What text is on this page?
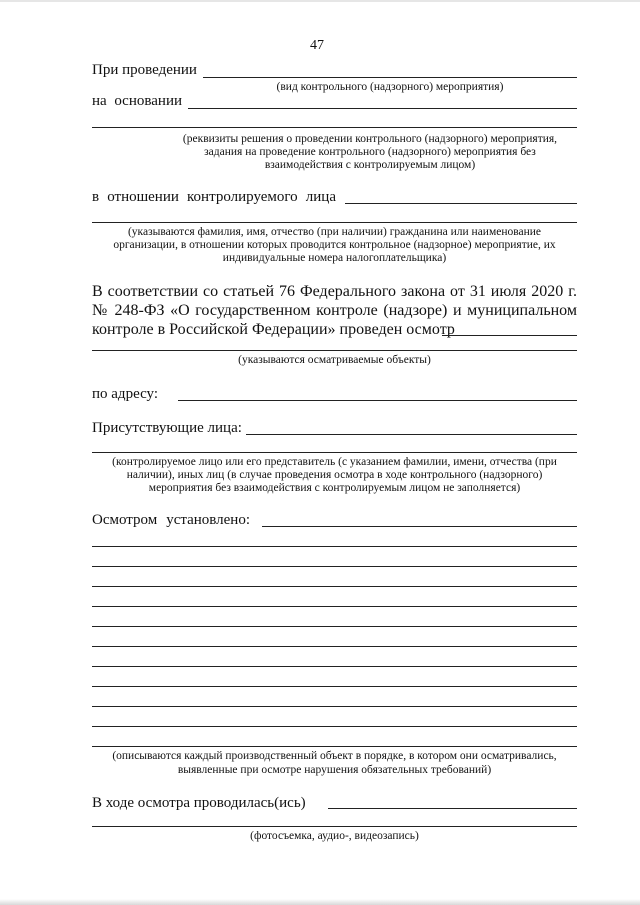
47
При проведении
(вид контрольного (надзорного) мероприятия)
на основании
(реквизиты решения о проведении контрольного (надзорного) мероприятия,
задания на проведение контрольного (надзорного) мероприятия без
взаимодействия с контролируемым лицом)
в отношении контролируемого лица
(указываются фамилия, имя, отчество (при наличии) гражданина или наименование
организации, в отношении которых проводится контрольное (надзорное) мероприятие, их
индивидуальные номера налогоплательщика)
В соответствии со статьей 76 Федерального закона от 31 июля 2020 г.
№ 248-ФЗ «О государственном контроле (надзоре) и муниципальном
контроле в Российской Федерации» проведен осмотр
(указываются осматриваемые объекты)
по адресу:
Присутствующие лица:
(контролируемое лицо или его представитель (с указанием фамилии, имени, отчества (при
наличии), иных лиц (в случае проведения осмотра в ходе контрольного (надзорного)
мероприятия без взаимодействия с контролируемым лицом не заполняется)
Осмотром установлено:
(описываются каждый производственный объект в порядке, в котором они осматривались,
выявленные при осмотре нарушения обязательных требований)
В ходе осмотра проводилась(ись)
(фотосъемка, аудио-, видеозапись)
